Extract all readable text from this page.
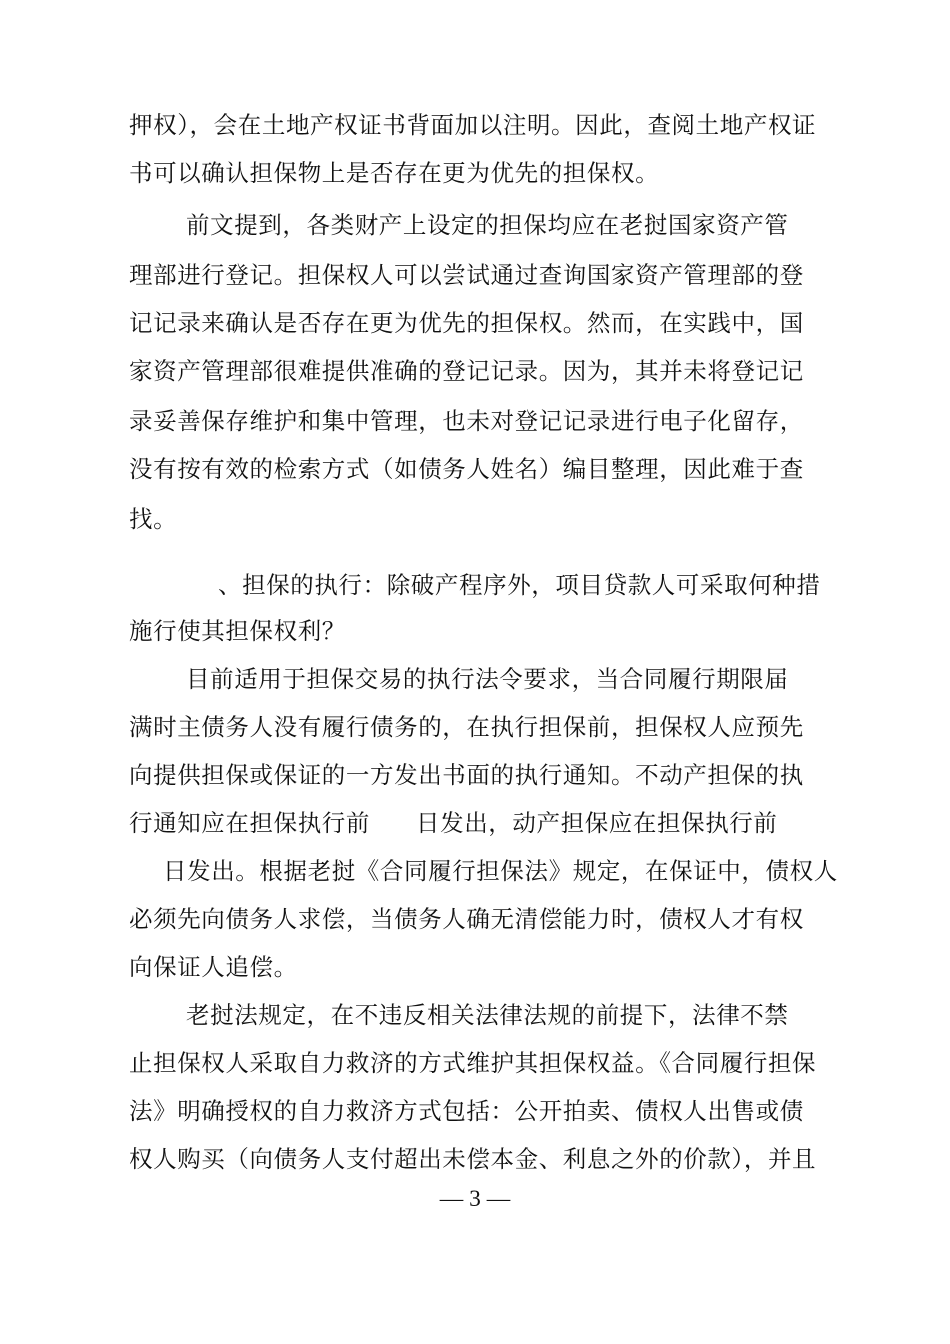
押权），会在土地产权证书背面加以注明。因此，查阅土地产权证
书可以确认担保物上是否存在更为优先的担保权。
前文提到，各类财产上设定的担保均应在老挝国家资产管
理部进行登记。担保权人可以尝试通过查询国家资产管理部的登
记记录来确认是否存在更为优先的担保权。然而，在实践中，国
家资产管理部很难提供准确的登记记录。因为，其并未将登记记
录妥善保存维护和集中管理，也未对登记记录进行电子化留存，
没有按有效的检索方式（如债务人姓名）编目整理，因此难于查
找。
、担保的执行：除破产程序外，项目贷款人可采取何种措
施行使其担保权利？
目前适用于担保交易的执行法令要求，当合同履行期限届
满时主债务人没有履行债务的，在执行担保前，担保权人应预先
向提供担保或保证的一方发出书面的执行通知。不动产担保的执
行通知应在担保执行前 日发出，动产担保应在担保执行前
日发出。根据老挝《合同履行担保法》规定，在保证中，债权人
必须先向债务人求偿，当债务人确无清偿能力时，债权人才有权
向保证人追偿。
老挝法规定，在不违反相关法律法规的前提下，法律不禁
止担保权人采取自力救济的方式维护其担保权益。《合同履行担保
法》明确授权的自力救济方式包括：公开拍卖、债权人出售或债
权人购买（向债务人支付超出未偿本金、利息之外的价款），并且
— 3 —
